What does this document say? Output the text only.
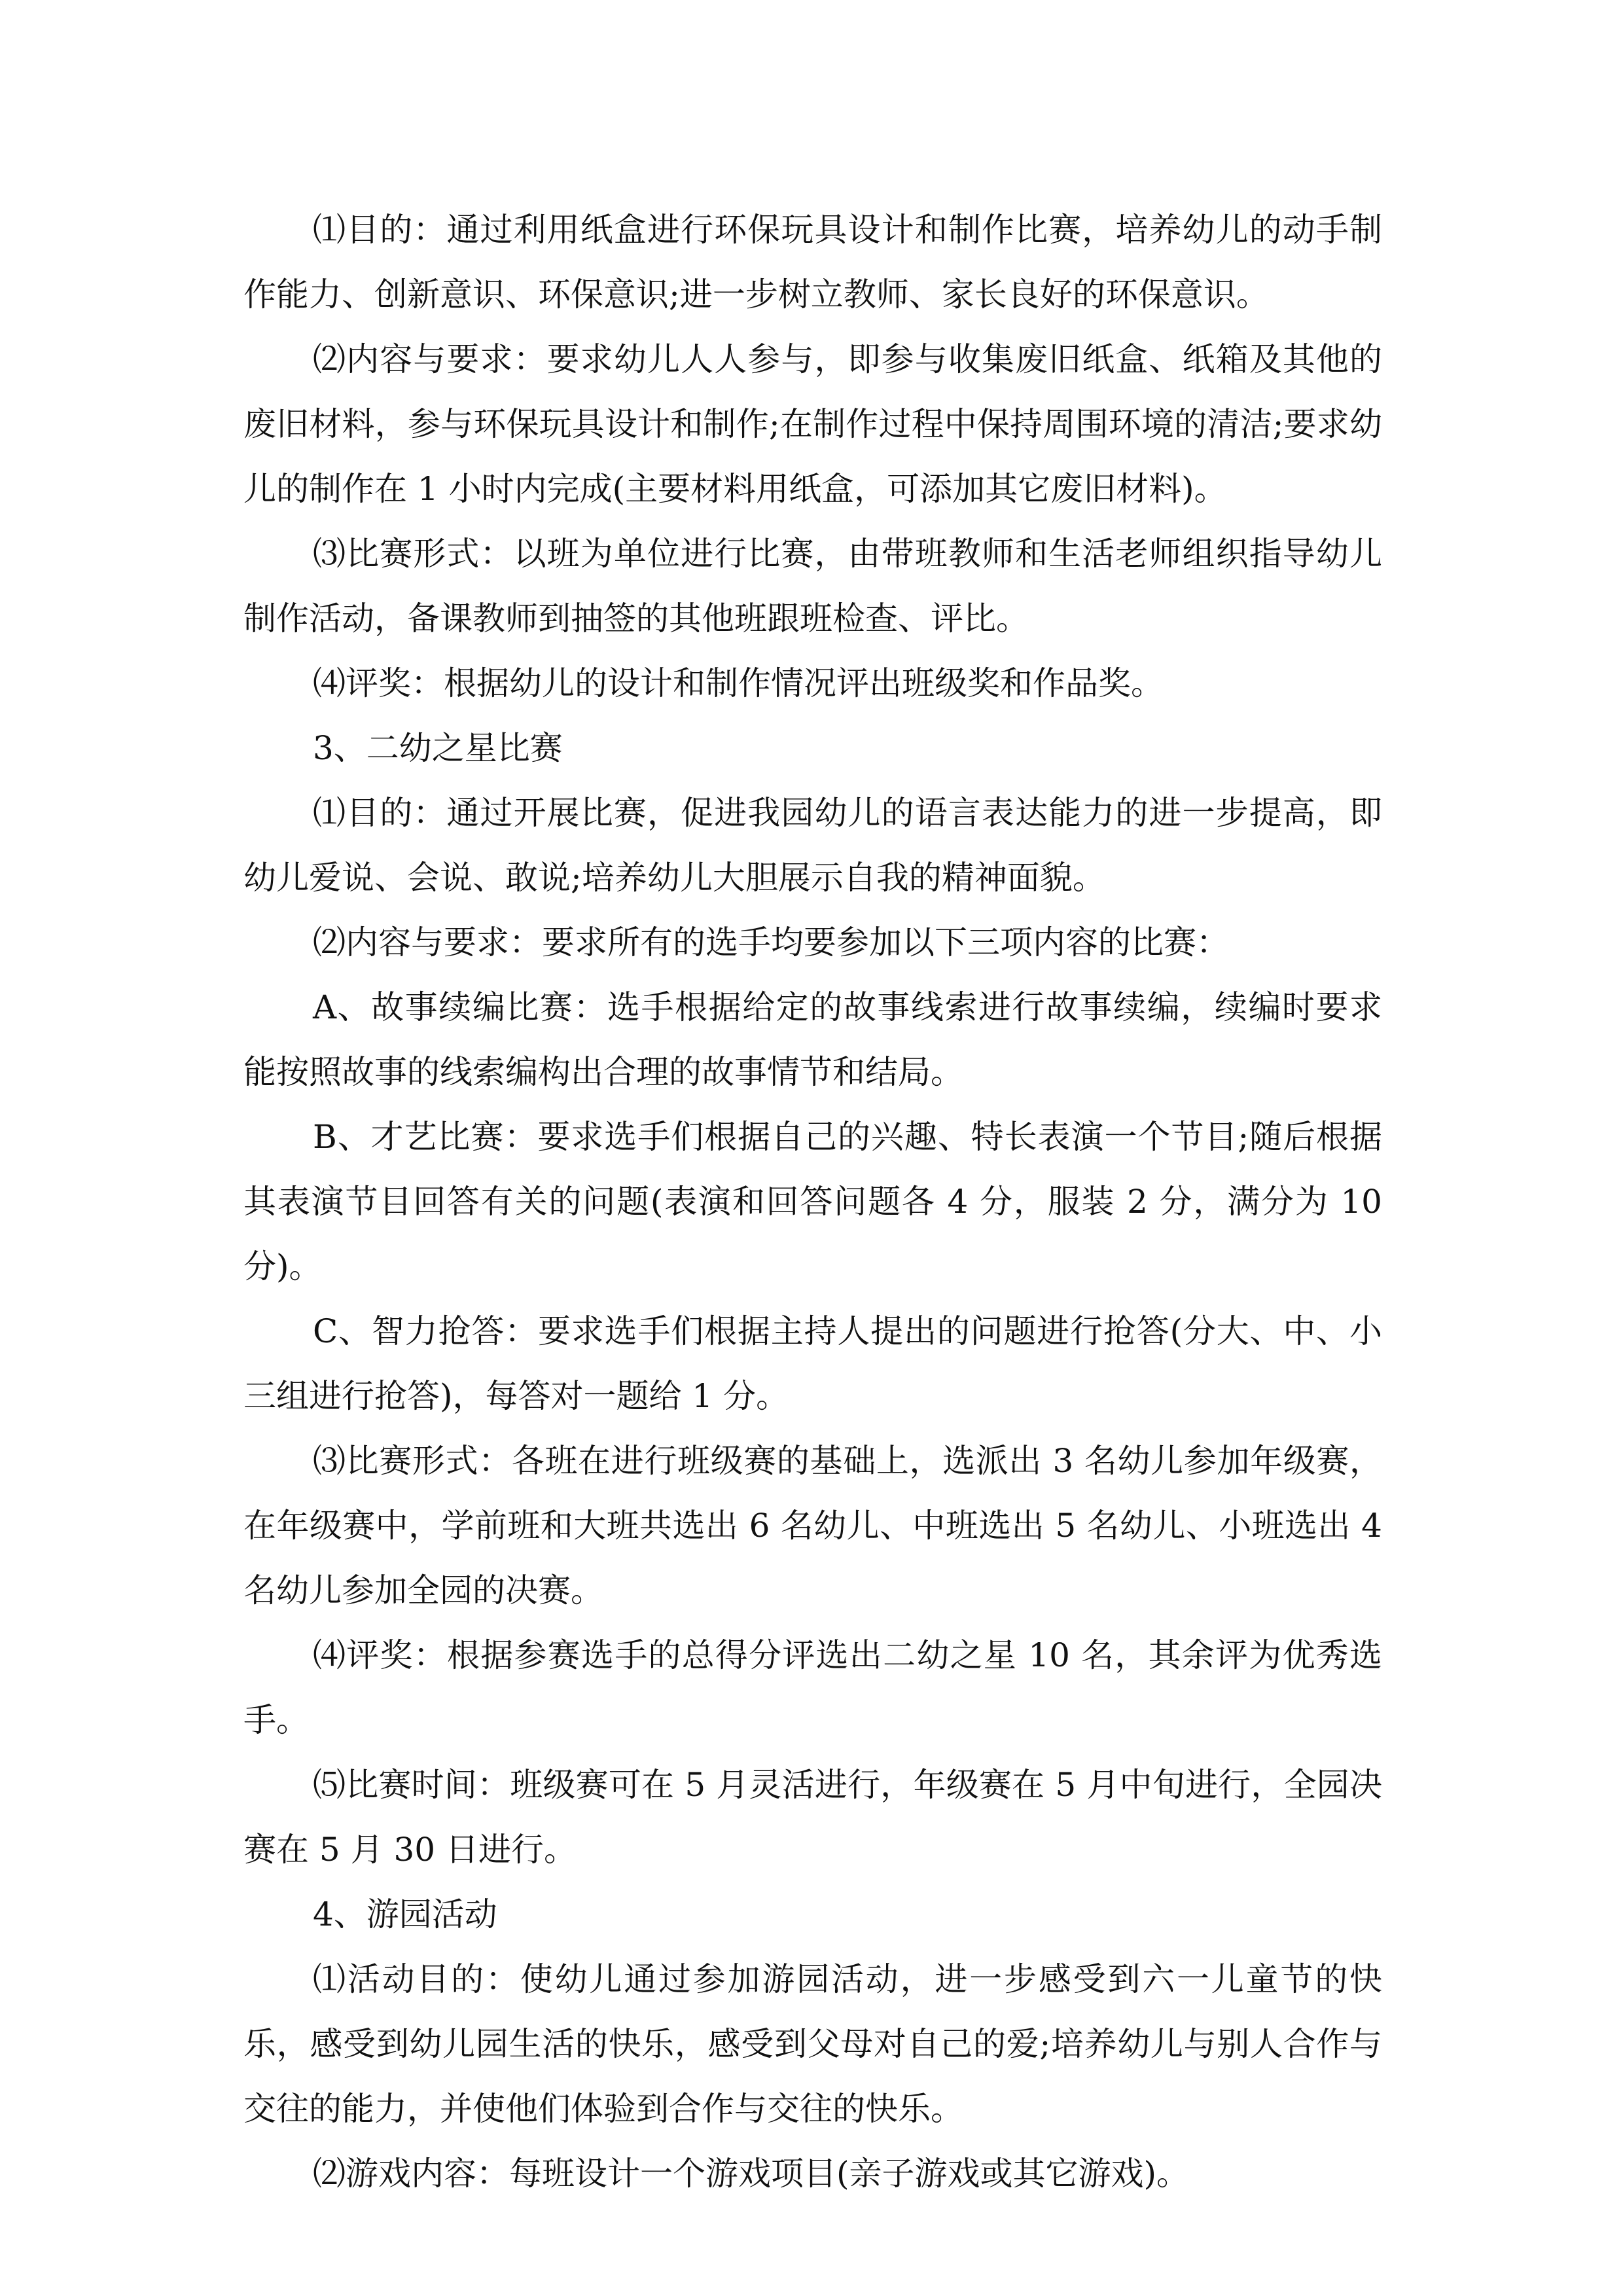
⑴目的：通过利用纸盒进行环保玩具设计和制作比赛，培养幼儿的动手制作能力、创新意识、环保意识;进一步树立教师、家长良好的环保意识。

⑵内容与要求：要求幼儿人人参与，即参与收集废旧纸盒、纸箱及其他的废旧材料，参与环保玩具设计和制作;在制作过程中保持周围环境的清洁;要求幼儿的制作在 1 小时内完成(主要材料用纸盒，可添加其它废旧材料)。

⑶比赛形式：以班为单位进行比赛，由带班教师和生活老师组织指导幼儿制作活动，备课教师到抽签的其他班跟班检查、评比。

⑷评奖：根据幼儿的设计和制作情况评出班级奖和作品奖。

3、二幼之星比赛

⑴目的：通过开展比赛，促进我园幼儿的语言表达能力的进一步提高，即幼儿爱说、会说、敢说;培养幼儿大胆展示自我的精神面貌。

⑵内容与要求：要求所有的选手均要参加以下三项内容的比赛：

A、故事续编比赛：选手根据给定的故事线索进行故事续编，续编时要求能按照故事的线索编构出合理的故事情节和结局。

B、才艺比赛：要求选手们根据自己的兴趣、特长表演一个节目;随后根据其表演节目回答有关的问题(表演和回答问题各 4 分，服装 2 分，满分为 10 分)。

C、智力抢答：要求选手们根据主持人提出的问题进行抢答(分大、中、小三组进行抢答)，每答对一题给 1 分。

⑶比赛形式：各班在进行班级赛的基础上，选派出 3 名幼儿参加年级赛，在年级赛中，学前班和大班共选出 6 名幼儿、中班选出 5 名幼儿、小班选出 4 名幼儿参加全园的决赛。

⑷评奖：根据参赛选手的总得分评选出二幼之星 10 名，其余评为优秀选手。

⑸比赛时间：班级赛可在 5 月灵活进行，年级赛在 5 月中旬进行，全园决赛在 5 月 30 日进行。

4、游园活动

⑴活动目的：使幼儿通过参加游园活动，进一步感受到六一儿童节的快乐，感受到幼儿园生活的快乐，感受到父母对自己的爱;培养幼儿与别人合作与交往的能力，并使他们体验到合作与交往的快乐。

⑵游戏内容：每班设计一个游戏项目(亲子游戏或其它游戏)。
